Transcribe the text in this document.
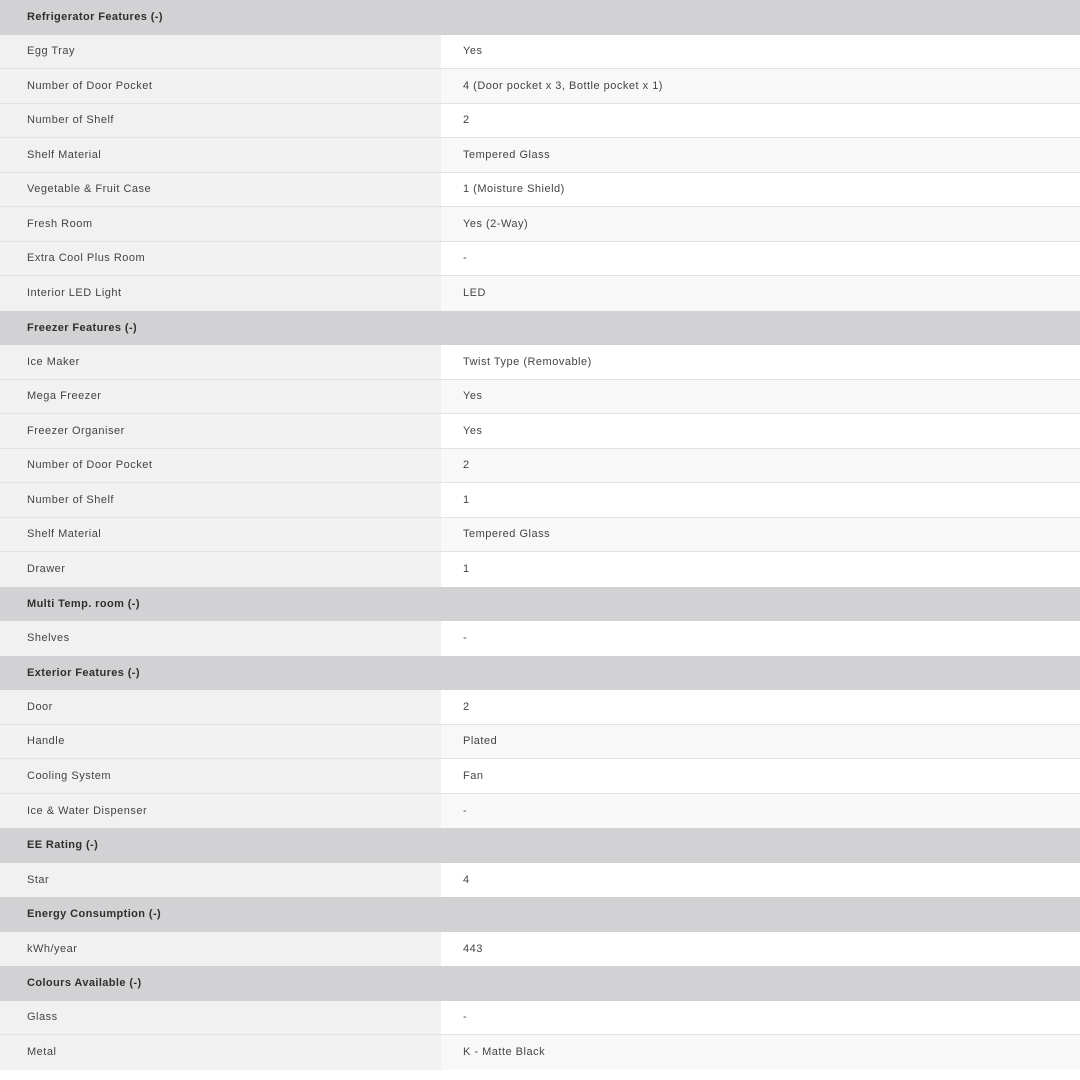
Refrigerator Features (-)
Egg Tray	Yes
Number of Door Pocket	4 (Door pocket x 3, Bottle pocket x 1)
Number of Shelf	2
Shelf Material	Tempered Glass
Vegetable & Fruit Case	1 (Moisture Shield)
Fresh Room	Yes (2-Way)
Extra Cool Plus Room	-
Interior LED Light	LED
Freezer Features (-)
Ice Maker	Twist Type (Removable)
Mega Freezer	Yes
Freezer Organiser	Yes
Number of Door Pocket	2
Number of Shelf	1
Shelf Material	Tempered Glass
Drawer	1
Multi Temp. room (-)
Shelves	-
Exterior Features (-)
Door	2
Handle	Plated
Cooling System	Fan
Ice & Water Dispenser	-
EE Rating (-)
Star	4
Energy Consumption (-)
kWh/year	443
Colours Available (-)
Glass	-
Metal	K - Matte Black
